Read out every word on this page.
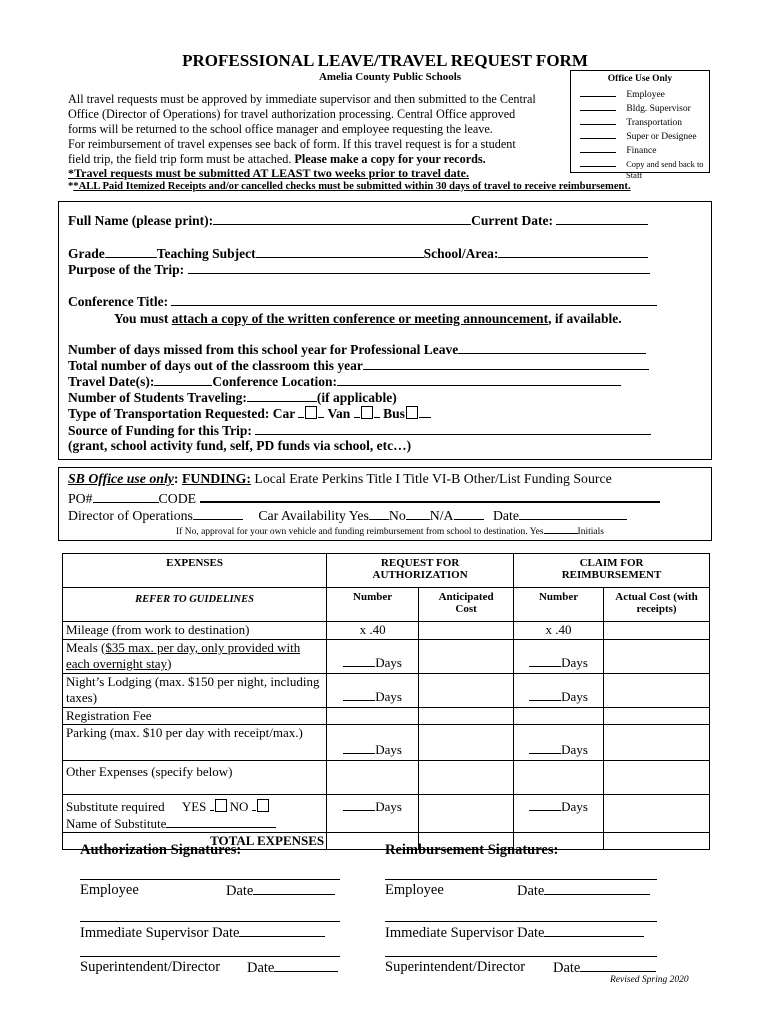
PROFESSIONAL LEAVE/TRAVEL REQUEST FORM
Amelia County Public Schools
All travel requests must be approved by immediate supervisor and then submitted to the Central
Office (Director of Operations) for travel authorization processing. Central Office approved
forms will be returned to the school office manager and employee requesting the leave.
For reimbursement of travel expenses see back of form. If this travel request is for a student
field trip, the field trip form must be attached. Please make a copy for your records.
*Travel requests must be submitted AT LEAST two weeks prior to travel date.
**ALL Paid Itemized Receipts and/or cancelled checks must be submitted within 30 days of travel to receive reimbursement.
Office Use Only
Employee
Bldg. Supervisor
Transportation
Super or Designee
Finance
Copy and send back to
Staff
Full Name (please print):	Current Date:
Grade	Teaching Subject	School/Area:
Purpose of the Trip:
Conference Title:
You must attach a copy of the written conference or meeting announcement, if available.
Number of days missed from this school year for Professional Leave
Total number of days out of the classroom this year
Travel Date(s):	Conference Location:
Number of Students Traveling:	(if applicable)
Type of Transportation Requested: Car Van Bus
Source of Funding for this Trip:
(grant, school activity fund, self, PD funds via school, etc…)
SB Office use only: FUNDING: Local Erate Perkins Title I Title VI-B Other/List Funding Source
PO#	CODE
Director of Operations	Car Availability Yes No N/A	Date
If No, approval for your own vehicle and funding reimbursement from school to destination. Yes	Initials
EXPENSES	REQUEST FOR AUTHORIZATION		CLAIM FOR REIMBURSEMENT	
REFER TO GUIDELINES	Number	Anticipated Cost	Number	Actual Cost (with receipts)
Mileage (from work to destination)	x .40		x .40	
Meals ($35 max. per day, only provided with each overnight stay)	Days		Days	
Night’s Lodging (max. $150 per night, including taxes)	Days		Days	
Registration Fee				
Parking (max. $10 per day with receipt/max.)	Days		Days	
Other Expenses (specify below)				

Substitute required YES NO
Name of Substitute	Days		Days	
TOTAL EXPENSES				
Authorization Signatures:	Reimbursement Signatures:
Employee	Date	Employee	Date
Immediate Supervisor Date	Immediate Supervisor Date
Superintendent/Director Date	Superintendent/Director Date
Revised Spring 2020
